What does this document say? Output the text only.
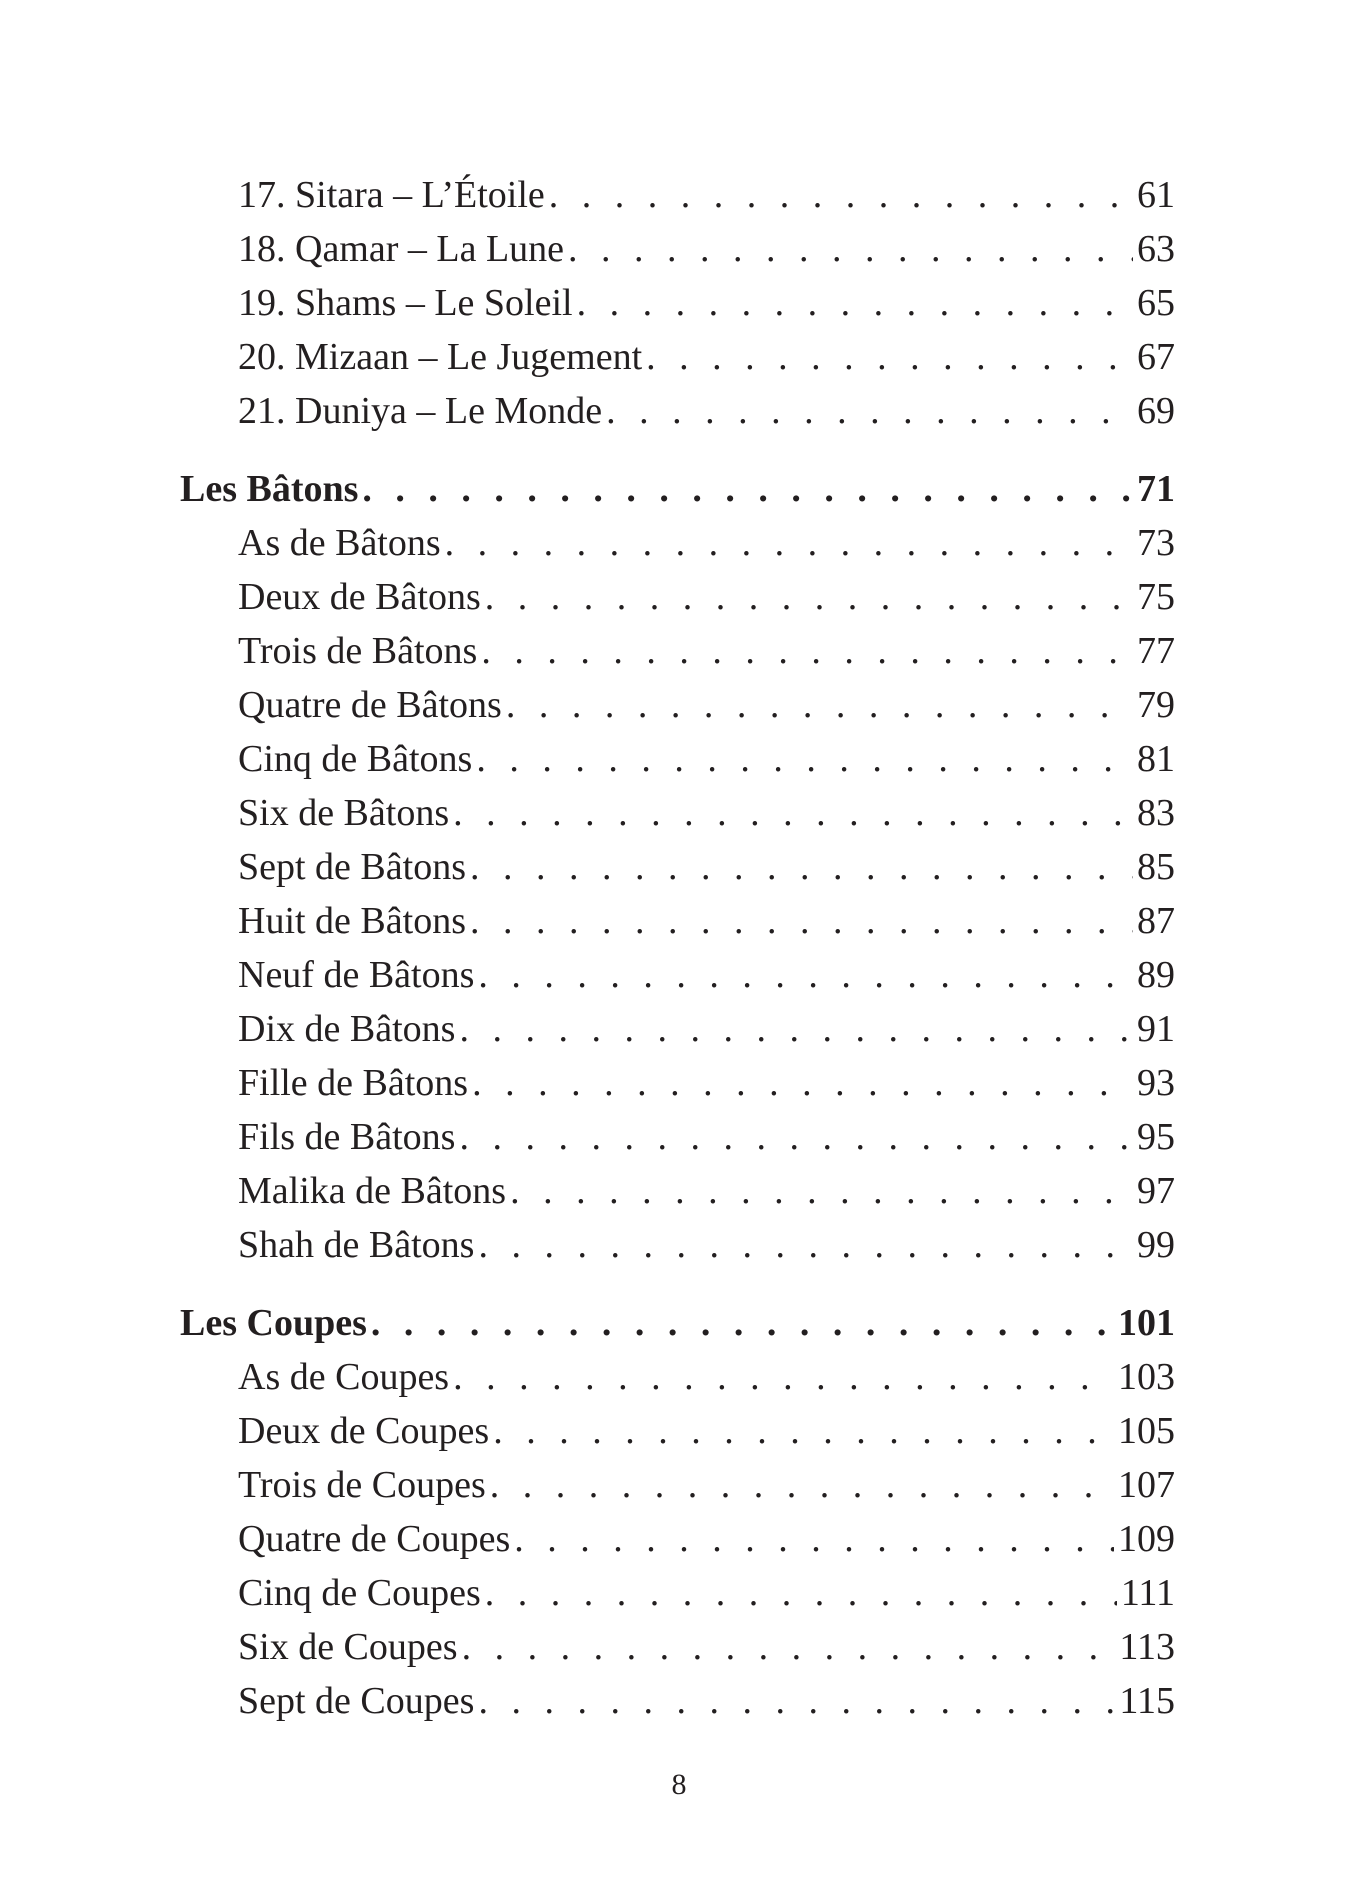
17. Sitara – L’Étoile . . .	61
18. Qamar – La Lune . . .	63
19. Shams – Le Soleil . . .	65
20. Mizaan – Le Jugement . . .	67
21. Duniya – Le Monde . . .	69
Les Bâtons . . .	71
As de Bâtons . . .	73
Deux de Bâtons . . .	75
Trois de Bâtons . . .	77
Quatre de Bâtons . . .	79
Cinq de Bâtons . . .	81
Six de Bâtons . . .	83
Sept de Bâtons . . .	85
Huit de Bâtons . . .	87
Neuf de Bâtons . . .	89
Dix de Bâtons . . .	91
Fille de Bâtons . . .	93
Fils de Bâtons . . .	95
Malika de Bâtons . . .	97
Shah de Bâtons . . .	99
Les Coupes . . .	101
As de Coupes . . .	103
Deux de Coupes . . .	105
Trois de Coupes . . .	107
Quatre de Coupes . . .	109
Cinq de Coupes . . .	111
Six de Coupes . . .	113
Sept de Coupes . . .	115
8
